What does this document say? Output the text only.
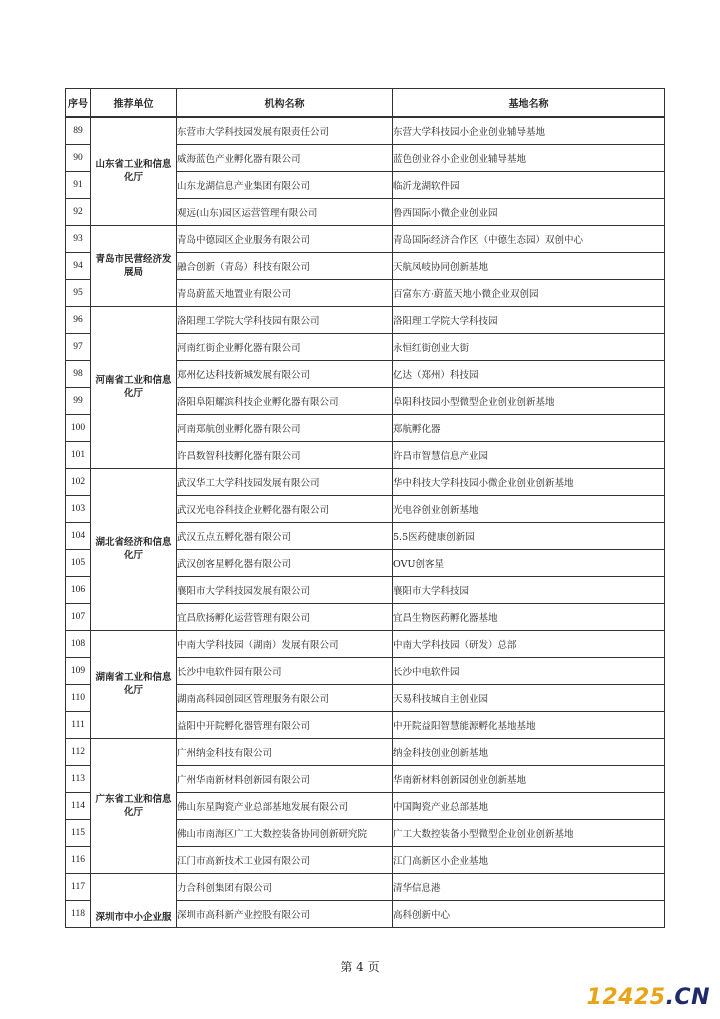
序号	推荐单位	机构名称	基地名称
89	山东省工业和信息化厅	东营市大学科技园发展有限责任公司	东营大学科技园小企业创业辅导基地
90		威海蓝色产业孵化器有限公司	蓝色创业谷小企业创业辅导基地
91		山东龙湖信息产业集团有限公司	临沂龙湖软件园
92		观远(山东)园区运营管理有限公司	鲁西国际小微企业创业园
93	青岛市民营经济发展局	青岛中德园区企业服务有限公司	青岛国际经济合作区（中德生态园）双创中心
94		融合创新（青岛）科技有限公司	天航凤岐协同创新基地
95		青岛蔚蓝天地置业有限公司	百富东方·蔚蓝天地小微企业双创园
96	河南省工业和信息化厅	洛阳理工学院大学科技园有限公司	洛阳理工学院大学科技园
97		河南红街企业孵化器有限公司	永恒红街创业大街
98		郑州亿达科技新城发展有限公司	亿达（郑州）科技园
99		洛阳阜阳耀滨科技企业孵化器有限公司	阜阳科技园小型微型企业创业创新基地
100		河南郑航创业孵化器有限公司	郑航孵化器
101		许昌数智科技孵化器有限公司	许昌市智慧信息产业园
102	湖北省经济和信息化厅	武汉华工大学科技园发展有限公司	华中科技大学科技园小微企业创业创新基地
103		武汉光电谷科技企业孵化器有限公司	光电谷创业创新基地
104		武汉五点五孵化器有限公司	5.5医药健康创新园
105		武汉创客星孵化器有限公司	OVU创客星
106		襄阳市大学科技园发展有限公司	襄阳市大学科技园
107		宜昌欣扬孵化运营管理有限公司	宜昌生物医药孵化器基地
108	湖南省工业和信息化厅	中南大学科技园（湖南）发展有限公司	中南大学科技园（研发）总部
109		长沙中电软件园有限公司	长沙中电软件园
110		湖南高科园创园区管理服务有限公司	天易科技城自主创业园
111		益阳中开院孵化器管理有限公司	中开院益阳智慧能源孵化基地基地
112	广东省工业和信息化厅	广州纳金科技有限公司	纳金科技创业创新基地
113		广州华南新材料创新园有限公司	华南新材料创新园创业创新基地
114		佛山东星陶瓷产业总部基地发展有限公司	中国陶瓷产业总部基地
115		佛山市南海区广工大数控装备协同创新研究院	广工大数控装备小型微型企业创业创新基地
116		江门市高新技术工业园有限公司	江门高新区小企业基地
117	深圳市中小企业服	力合科创集团有限公司	清华信息港
118		深圳市高科新产业控股有限公司	高科创新中心
第 4 页
12425.CN
